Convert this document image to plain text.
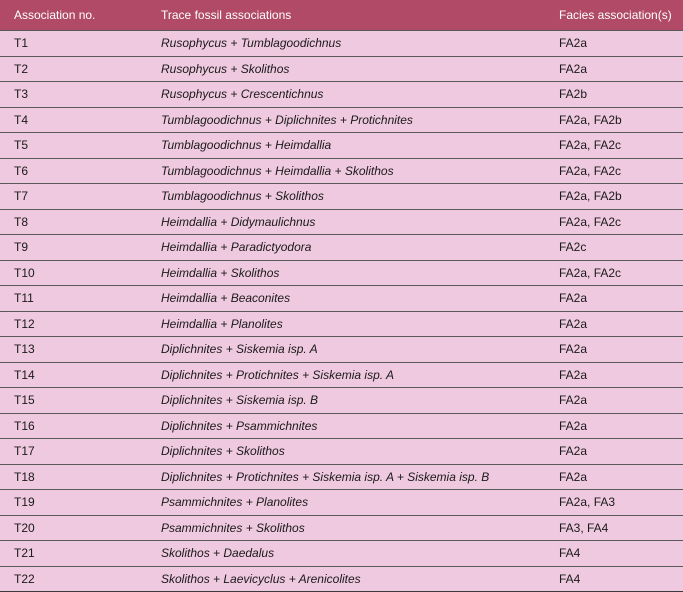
Association no.	Trace fossil associations	Facies association(s)
T1	Rusophycus + Tumblagoodichnus	FA2a
T2	Rusophycus + Skolithos	FA2a
T3	Rusophycus + Crescentichnus	FA2b
T4	Tumblagoodichnus + Diplichnites + Protichnites	FA2a, FA2b
T5	Tumblagoodichnus + Heimdallia	FA2a, FA2c
T6	Tumblagoodichnus + Heimdallia + Skolithos	FA2a, FA2c
T7	Tumblagoodichnus + Skolithos	FA2a, FA2b
T8	Heimdallia + Didymaulichnus	FA2a, FA2c
T9	Heimdallia + Paradictyodora	FA2c
T10	Heimdallia + Skolithos	FA2a, FA2c
T11	Heimdallia + Beaconites	FA2a
T12	Heimdallia + Planolites	FA2a
T13	Diplichnites + Siskemia isp. A	FA2a
T14	Diplichnites + Protichnites + Siskemia isp. A	FA2a
T15	Diplichnites + Siskemia isp. B	FA2a
T16	Diplichnites + Psammichnites	FA2a
T17	Diplichnites + Skolithos	FA2a
T18	Diplichnites + Protichnites + Siskemia isp. A + Siskemia isp. B	FA2a
T19	Psammichnites + Planolites	FA2a, FA3
T20	Psammichnites + Skolithos	FA3, FA4
T21	Skolithos + Daedalus	FA4
T22	Skolithos + Laevicyclus + Arenicolites	FA4
